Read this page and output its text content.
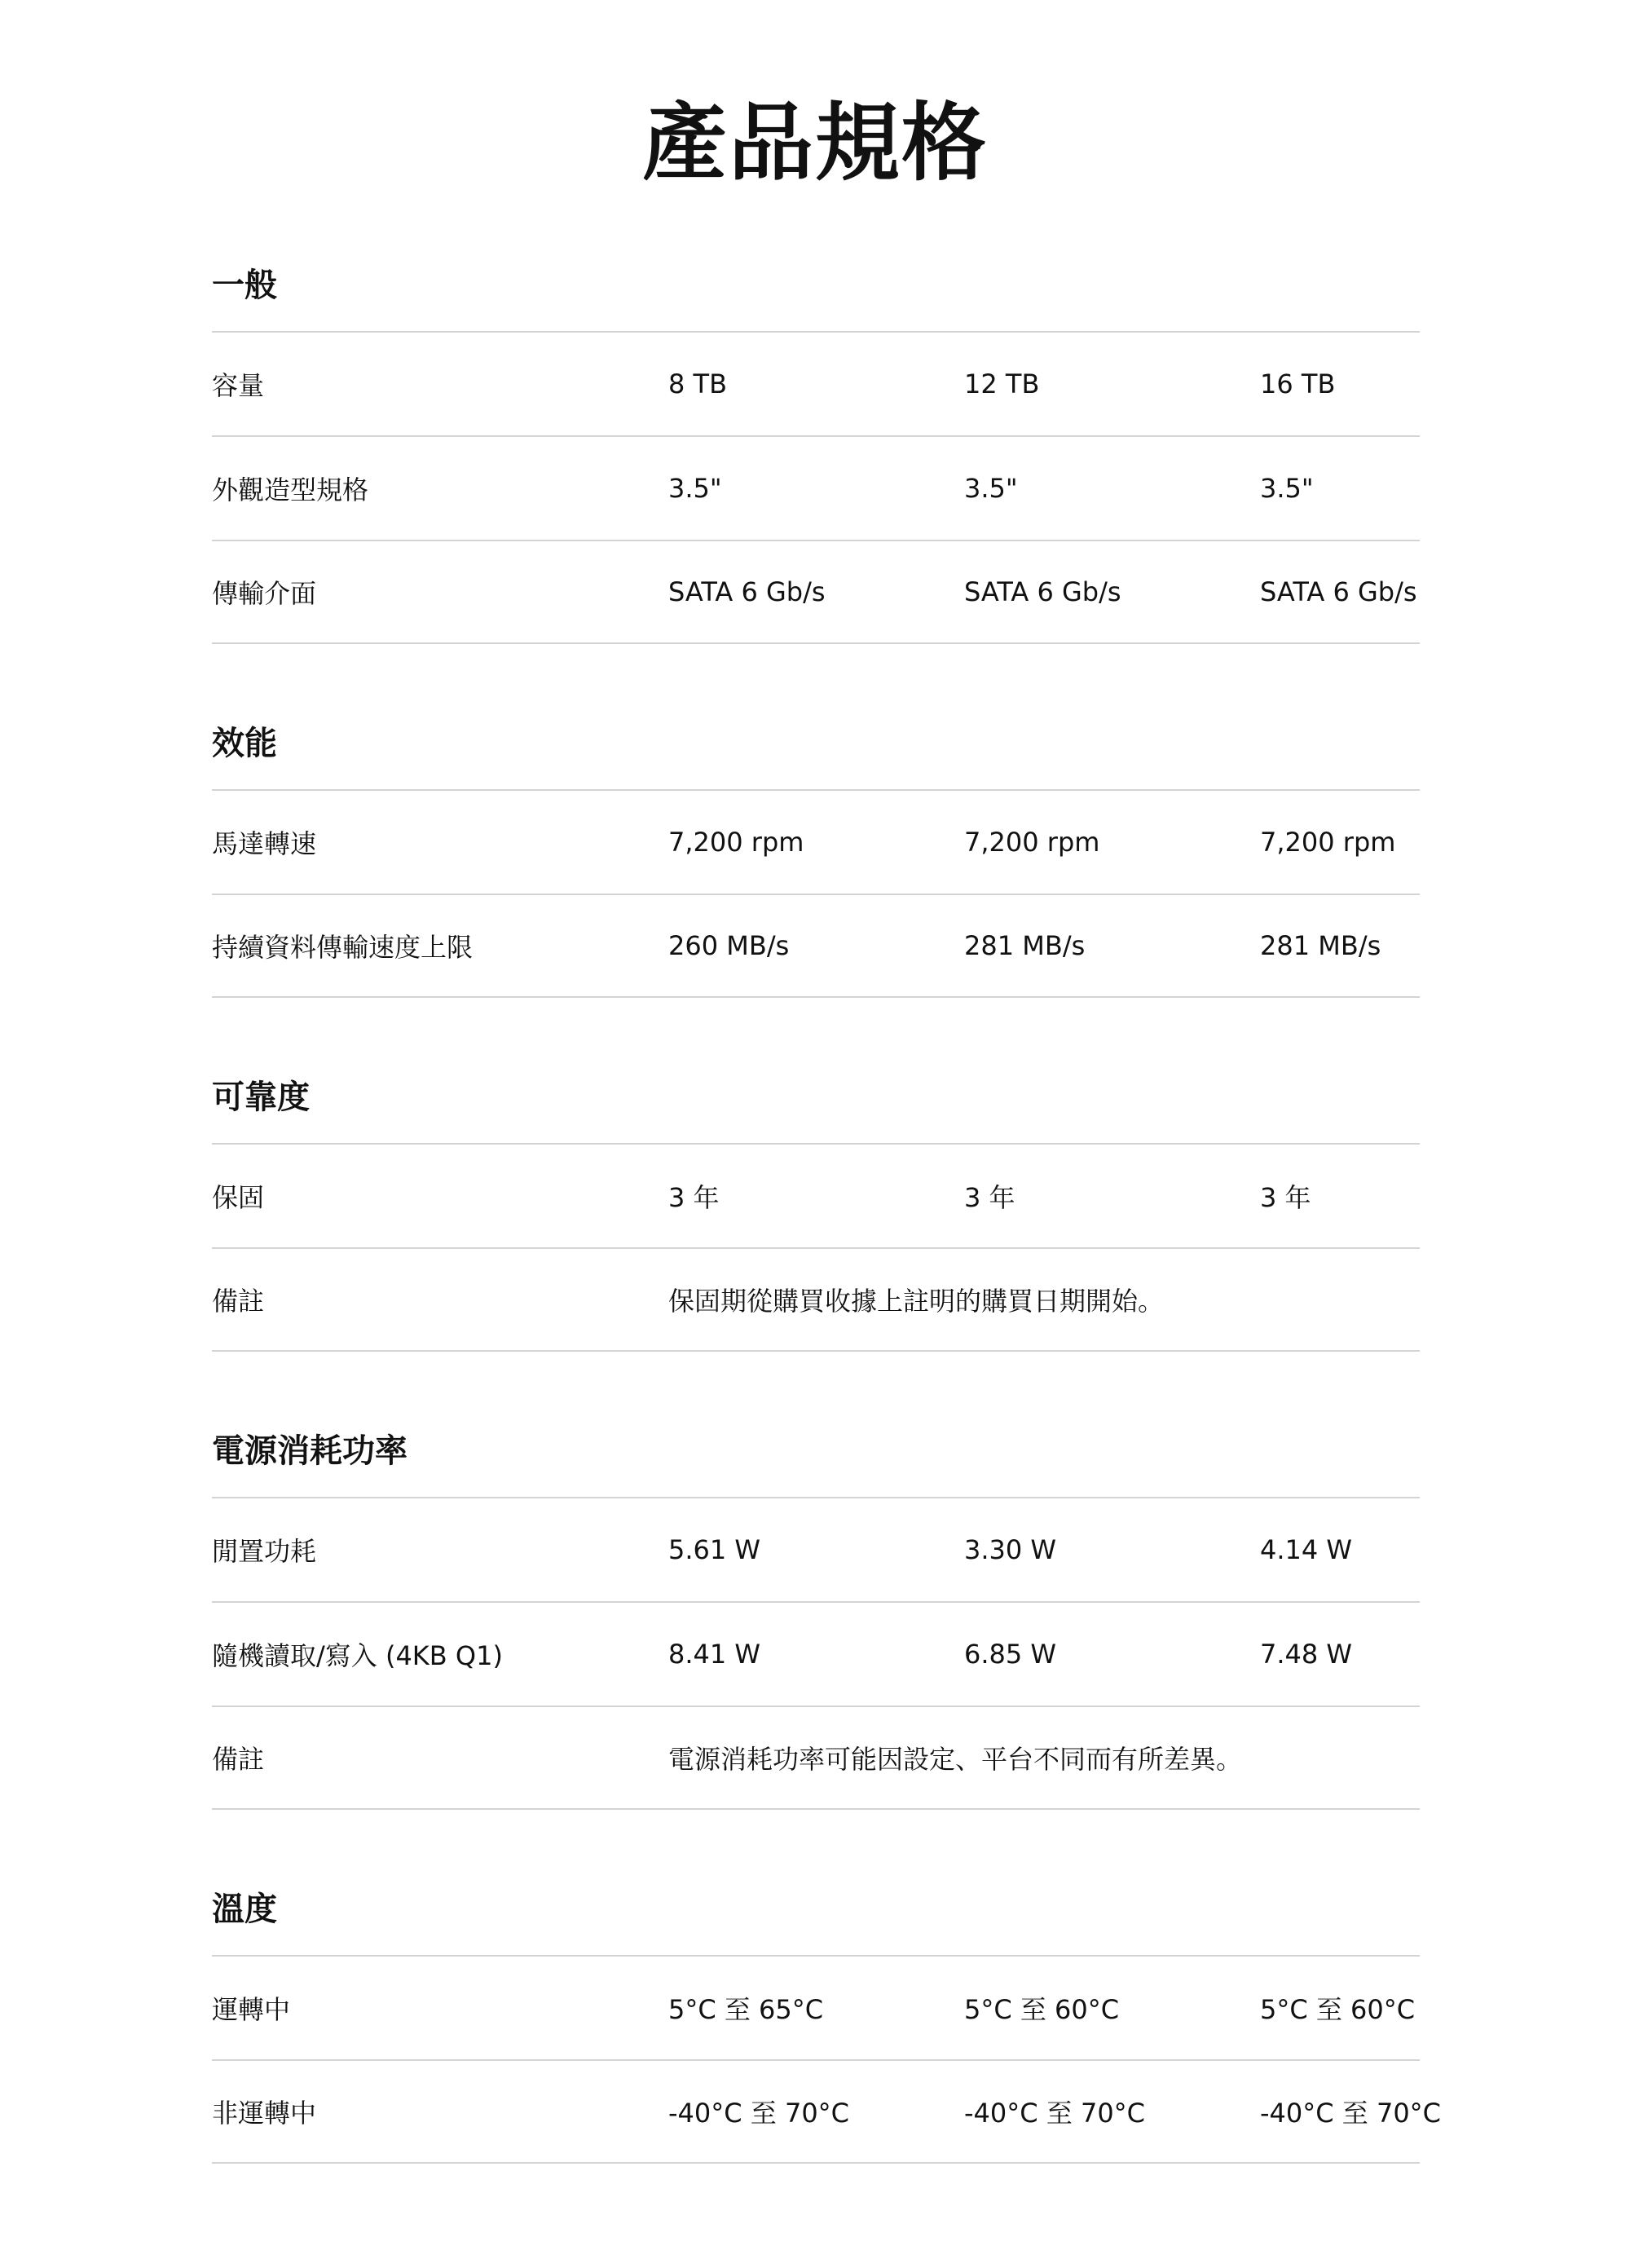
產品規格
一般
容量	8 TB	12 TB	16 TB
外觀造型規格	3.5"	3.5"	3.5"
傳輸介面	SATA 6 Gb/s	SATA 6 Gb/s	SATA 6 Gb/s
效能
馬達轉速	7,200 rpm	7,200 rpm	7,200 rpm
持續資料傳輸速度上限	260 MB/s	281 MB/s	281 MB/s
可靠度
保固	3 年	3 年	3 年
備註	保固期從購買收據上註明的購買日期開始。
電源消耗功率
閒置功耗	5.61 W	3.30 W	4.14 W
隨機讀取/寫入 (4KB Q1)	8.41 W	6.85 W	7.48 W
備註	電源消耗功率可能因設定、平台不同而有所差異。
溫度
運轉中	5°C 至 65°C	5°C 至 60°C	5°C 至 60°C
非運轉中	-40°C 至 70°C	-40°C 至 70°C	-40°C 至 70°C
